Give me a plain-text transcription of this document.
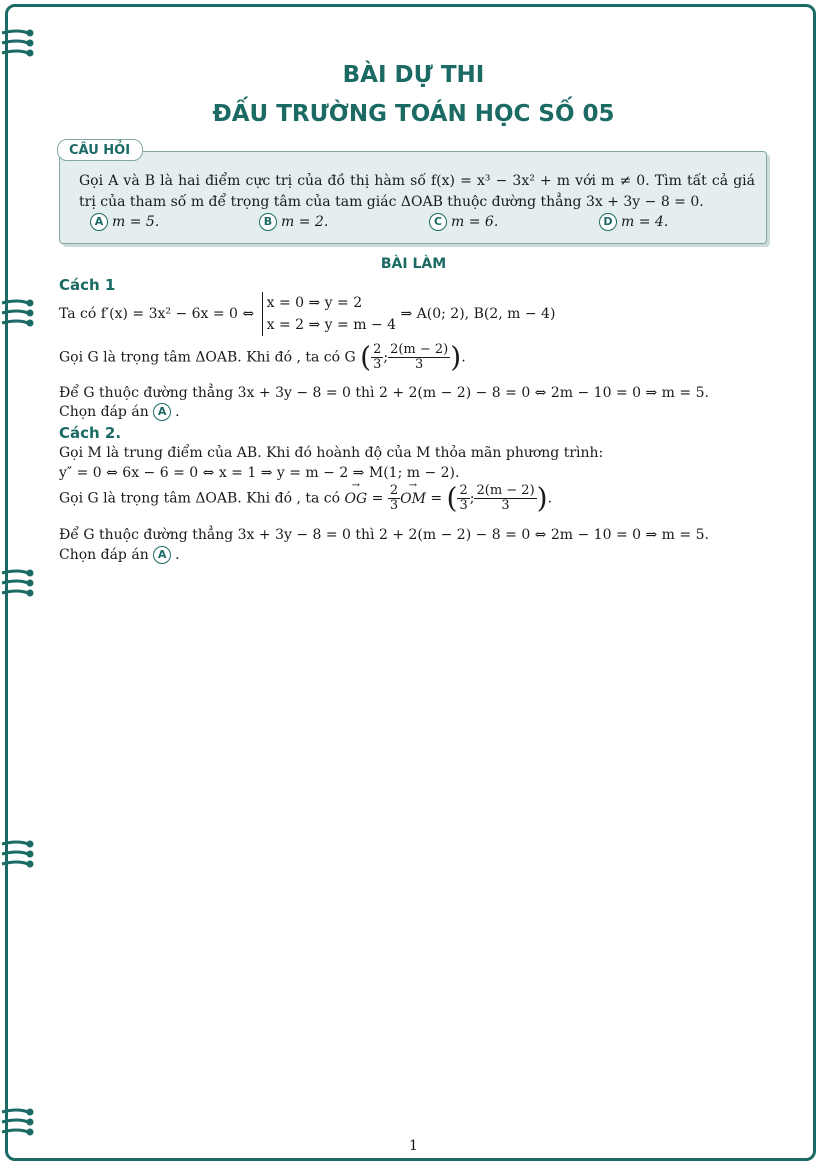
BÀI DỰ THI
ĐẤU TRƯỜNG TOÁN HỌC SỐ 05
CÂU HỎI
Gọi A và B là hai điểm cực trị của đồ thị hàm số f(x) = x³ − 3x² + m với m ≠ 0. Tìm tất cả giá trị của tham số m để trọng tâm của tam giác ΔOAB thuộc đường thẳng 3x + 3y − 8 = 0.
A m = 5.	B m = 2.	C m = 6.	D m = 4.
BÀI LÀM
Cách 1
Ta có f′(x) = 3x² − 6x = 0 ⇔
x = 0 ⇒ y = 2
x = 2 ⇒ y = m − 4
⇒ A(0; 2), B(2, m − 4)
Gọi G là trọng tâm ΔOAB. Khi đó , ta có G ( $\frac{2}{3}$ ; $\frac{2(m - 2)}{3}$ ).
Để G thuộc đường thẳng 3x + 3y − 8 = 0 thì 2 + 2(m − 2) − 8 = 0 ⇔ 2m − 10 = 0 ⇒ m = 5.
Chọn đáp án A .
Cách 2.
Gọi M là trung điểm của AB. Khi đó hoành độ của M thỏa mãn phương trình:
y″ = 0 ⇔ 6x − 6 = 0 ⇔ x = 1 ⇒ y = m − 2 ⇒ M(1; m − 2).
Gọi G là trọng tâm ΔOAB. Khi đó , ta có → OG = $\frac{2}{3}$ → OM = ( $\frac{2}{3}$ ; $\frac{2(m - 2)}{3}$ ).
Để G thuộc đường thẳng 3x + 3y − 8 = 0 thì 2 + 2(m − 2) − 8 = 0 ⇔ 2m − 10 = 0 ⇒ m = 5.
Chọn đáp án A .
1
